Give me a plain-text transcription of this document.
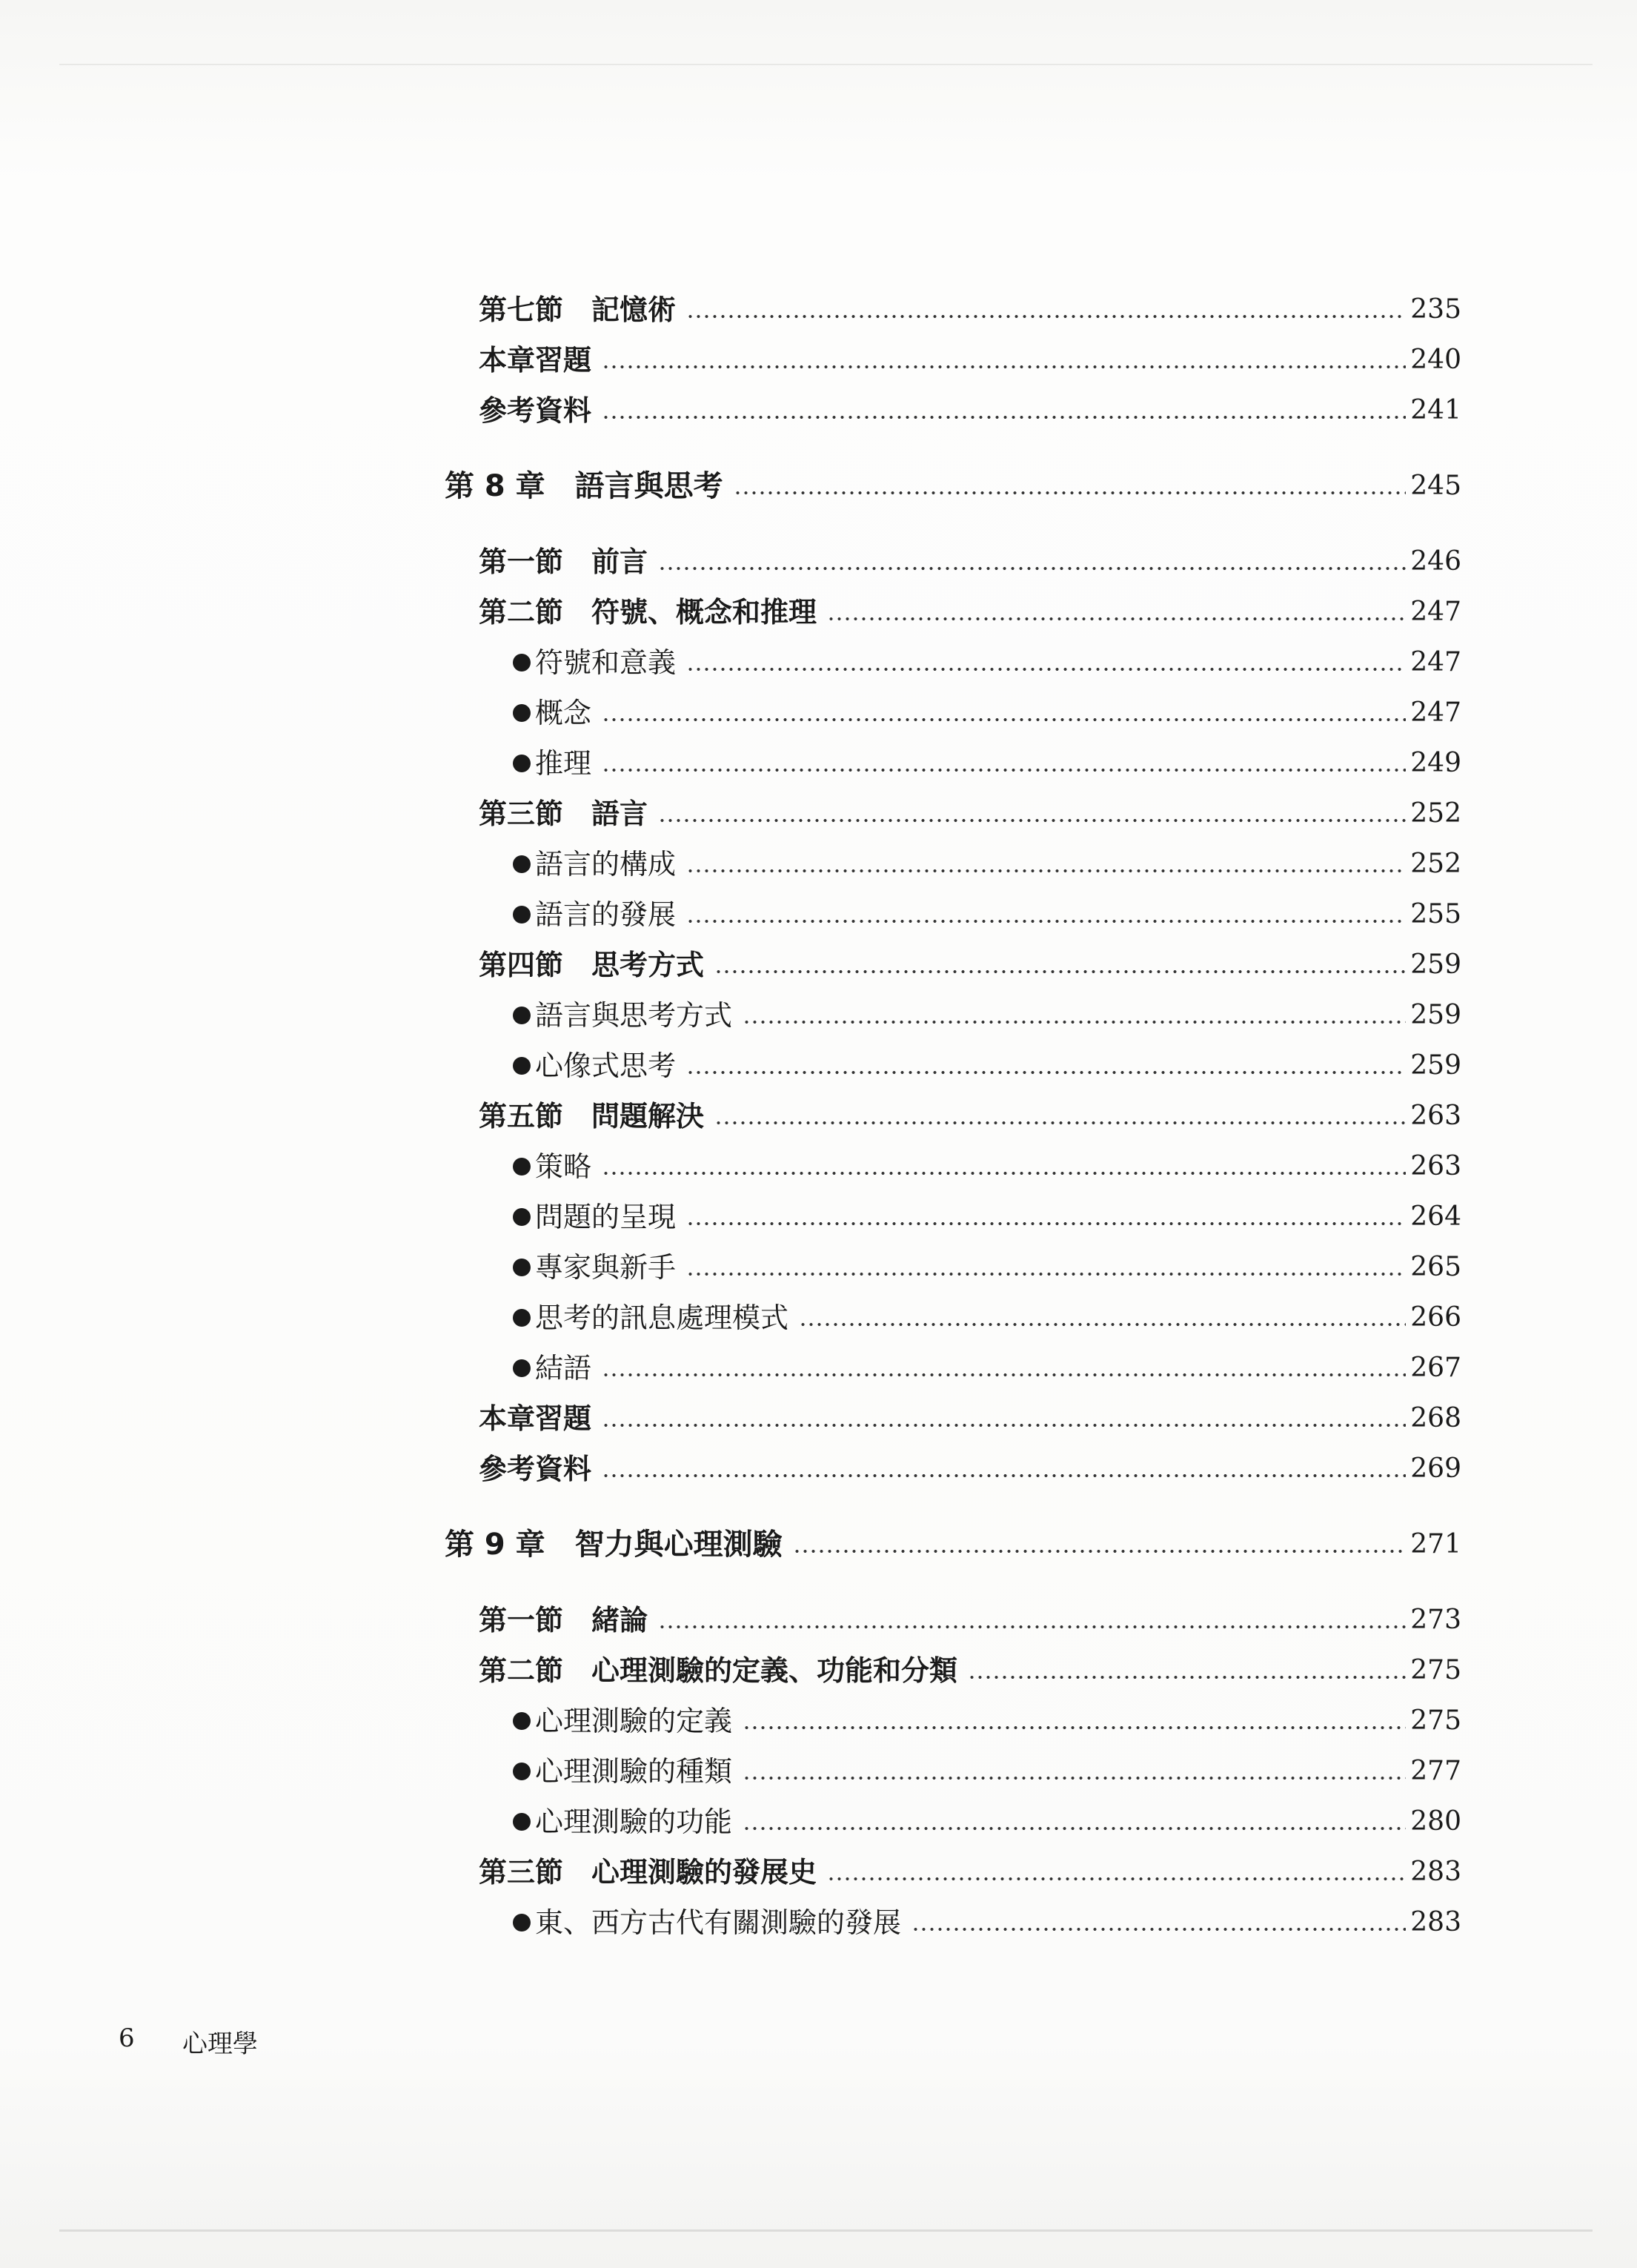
第七節　記憶術	235
本章習題	240
參考資料	241
第 8 章　語言與思考	245
第一節　前言	246
第二節　符號、概念和推理	247
符號和意義	247
概念	247
推理	249
第三節　語言	252
語言的構成	252
語言的發展	255
第四節　思考方式	259
語言與思考方式	259
心像式思考	259
第五節　問題解決	263
策略	263
問題的呈現	264
專家與新手	265
思考的訊息處理模式	266
結語	267
本章習題	268
參考資料	269
第 9 章　智力與心理測驗	271
第一節　緒論	273
第二節　心理測驗的定義、功能和分類	275
心理測驗的定義	275
心理測驗的種類	277
心理測驗的功能	280
第三節　心理測驗的發展史	283
東、西方古代有關測驗的發展	283
6 心理學
